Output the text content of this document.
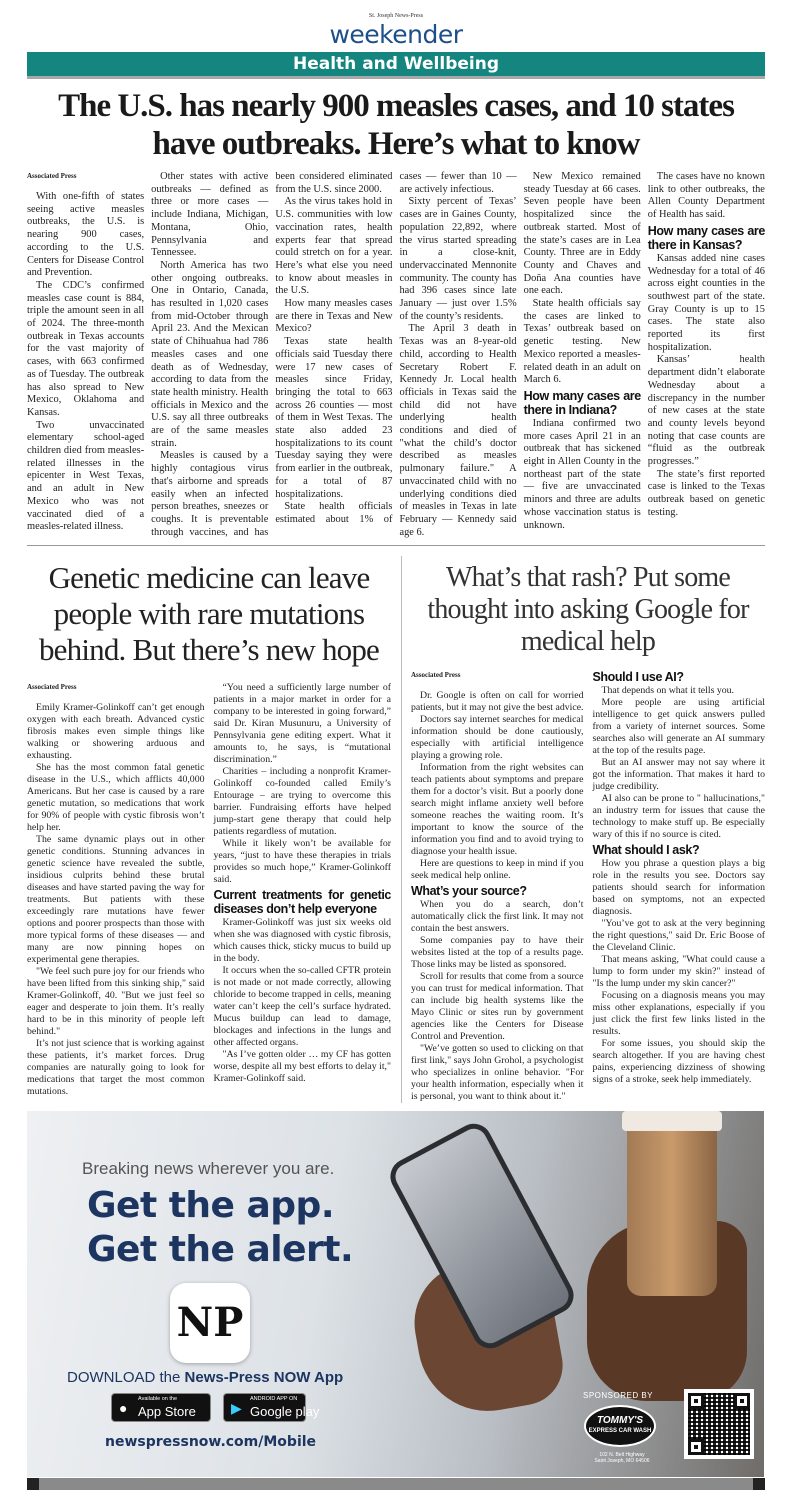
St. Joseph News-Press
weekender
Health and Wellbeing
The U.S. has nearly 900 measles cases, and 10 states have outbreaks. Here’s what to know

Associated Press

With one-fifth of states seeing active measles outbreaks, the U.S. is nearing 900 cases, according to the U.S. Centers for Disease Control and Prevention.

The CDC’s confirmed measles case count is 884, triple the amount seen in all of 2024. The three-month outbreak in Texas accounts for the vast majority of cases, with 663 confirmed as of Tuesday. The outbreak has also spread to New Mexico, Oklahoma and Kansas.

Two unvaccinated elementary school-aged children died from measles-related illnesses in the epicenter in West Texas, and an adult in New Mexico who was not vaccinated died of a measles-related illness.

Other states with active outbreaks — defined as three or more cases — include Indiana, Michigan, Montana, Ohio, Pennsylvania and Tennessee.

North America has two other ongoing outbreaks. One in Ontario, Canada, has resulted in 1,020 cases from mid-October through April 23. And the Mexican state of Chihuahua had 786 measles cases and one death as of Wednesday, according to data from the state health ministry. Health officials in Mexico and the U.S. say all three outbreaks are of the same measles strain.

Measles is caused by a highly contagious virus that's airborne and spreads easily when an infected person breathes, sneezes or coughs. It is preventable through vaccines, and has been considered eliminated from the U.S. since 2000.

As the virus takes hold in U.S. communities with low vaccination rates, health experts fear that spread could stretch on for a year. Here’s what else you need to know about measles in the U.S.

How many measles cases are there in Texas and New Mexico?

Texas state health officials said Tuesday there were 17 new cases of measles since Friday, bringing the total to 663 across 26 counties — most of them in West Texas. The state also added 23 hospitalizations to its count Tuesday saying they were from earlier in the outbreak, for a total of 87 hospitalizations.

State health officials estimated about 1% of cases — fewer than 10 — are actively infectious.

Sixty percent of Texas’ cases are in Gaines County, population 22,892, where the virus started spreading in a close-knit, undervaccinated Mennonite community. The county has had 396 cases since late January — just over 1.5% of the county’s residents.

The April 3 death in Texas was an 8-year-old child, according to Health Secretary Robert F. Kennedy Jr. Local health officials in Texas said the child did not have underlying health conditions and died of "what the child’s doctor described as measles pulmonary failure." A unvaccinated child with no underlying conditions died of measles in Texas in late February — Kennedy said age 6.

New Mexico remained steady Tuesday at 66 cases. Seven people have been hospitalized since the outbreak started. Most of the state’s cases are in Lea County. Three are in Eddy County and Chaves and Doña Ana counties have one each.

State health officials say the cases are linked to Texas’ outbreak based on genetic testing. New Mexico reported a measles-related death in an adult on March 6.

How many cases are there in Indiana?

Indiana confirmed two more cases April 21 in an outbreak that has sickened eight in Allen County in the northeast part of the state — five are unvaccinated minors and three are adults whose vaccination status is unknown.

The cases have no known link to other outbreaks, the Allen County Department of Health has said.

How many cases are there in Kansas?

Kansas added nine cases Wednesday for a total of 46 across eight counties in the southwest part of the state. Gray County is up to 15 cases. The state also reported its first hospitalization.

Kansas’ health department didn’t elaborate Wednesday about a discrepancy in the number of new cases at the state and county levels beyond noting that case counts are “fluid as the outbreak progresses.”

The state’s first reported case is linked to the Texas outbreak based on genetic testing.

Genetic medicine can leave people with rare mutations behind. But there’s new hope

Associated Press

Emily Kramer-Golinkoff can’t get enough oxygen with each breath. Advanced cystic fibrosis makes even simple things like walking or showering arduous and exhausting.

She has the most common fatal genetic disease in the U.S., which afflicts 40,000 Americans. But her case is caused by a rare genetic mutation, so medications that work for 90% of people with cystic fibrosis won’t help her.

The same dynamic plays out in other genetic conditions. Stunning advances in genetic science have revealed the subtle, insidious culprits behind these brutal diseases and have started paving the way for treatments. But patients with these exceedingly rare mutations have fewer options and poorer prospects than those with more typical forms of these diseases — and many are now pinning hopes on experimental gene therapies.

"We feel such pure joy for our friends who have been lifted from this sinking ship," said Kramer-Golinkoff, 40. "But we just feel so eager and desperate to join them. It’s really hard to be in this minority of people left behind."

It’s not just science that is working against these patients, it’s market forces. Drug companies are naturally going to look for medications that target the most common mutations.

“You need a sufficiently large number of patients in a major market in order for a company to be interested in going forward,” said Dr. Kiran Musunuru, a University of Pennsylvania gene editing expert. What it amounts to, he says, is “mutational discrimination.”

Charities – including a nonprofit Kramer-Golinkoff co-founded called Emily’s Entourage – are trying to overcome this barrier. Fundraising efforts have helped jump-start gene therapy that could help patients regardless of mutation.

While it likely won’t be available for years, “just to have these therapies in trials provides so much hope,” Kramer-Golinkoff said.

Current treatments for genetic diseases don’t help everyone

Kramer-Golinkoff was just six weeks old when she was diagnosed with cystic fibrosis, which causes thick, sticky mucus to build up in the body.

It occurs when the so-called CFTR protein is not made or not made correctly, allowing chloride to become trapped in cells, meaning water can’t keep the cell’s surface hydrated. Mucus buildup can lead to damage, blockages and infections in the lungs and other affected organs.

"As I’ve gotten older … my CF has gotten worse, despite all my best efforts to delay it," Kramer-Golinkoff said.

What’s that rash? Put some thought into asking Google for medical help

Associated Press

Dr. Google is often on call for worried patients, but it may not give the best advice.

Doctors say internet searches for medical information should be done cautiously, especially with artificial intelligence playing a growing role.

Information from the right websites can teach patients about symptoms and prepare them for a doctor’s visit. But a poorly done search might inflame anxiety well before someone reaches the waiting room. It’s important to know the source of the information you find and to avoid trying to diagnose your health issue.

Here are questions to keep in mind if you seek medical help online.

What’s your source?

When you do a search, don’t automatically click the first link. It may not contain the best answers.

Some companies pay to have their websites listed at the top of a results page. Those links may be listed as sponsored.

Scroll for results that come from a source you can trust for medical information. That can include big health systems like the Mayo Clinic or sites run by government agencies like the Centers for Disease Control and Prevention.

"We’ve gotten so used to clicking on that first link," says John Grohol, a psychologist who specializes in online behavior. "For your health information, especially when it is personal, you want to think about it."

Should I use AI?

That depends on what it tells you.

More people are using artificial intelligence to get quick answers pulled from a variety of internet sources. Some searches also will generate an AI summary at the top of the results page.

But an AI answer may not say where it got the information. That makes it hard to judge credibility.

AI also can be prone to " hallucinations," an industry term for issues that cause the technology to make stuff up. Be especially wary of this if no source is cited.

What should I ask?

How you phrase a question plays a big role in the results you see. Doctors say patients should search for information based on symptoms, not an expected diagnosis.

"You’ve got to ask at the very beginning the right questions," said Dr. Eric Boose of the Cleveland Clinic.

That means asking, "What could cause a lump to form under my skin?" instead of "Is the lump under my skin cancer?"

Focusing on a diagnosis means you may miss other explanations, especially if you just click the first few links listed in the results.

For some issues, you should skip the search altogether. If you are having chest pains, experiencing dizziness of showing signs of a stroke, seek help immediately.

Breaking news wherever you are.
Get the app.
Get the alert.
NP
DOWNLOAD the News-Press NOW App
●
Available on the
App Store	▶
ANDROID APP ON
Google play
newspressnow.com/Mobile
SPONSORED BY
TOMMY'S
EXPRESS CAR WASH
102 N. Belt Highway
Saint Joseph, MO 64506
